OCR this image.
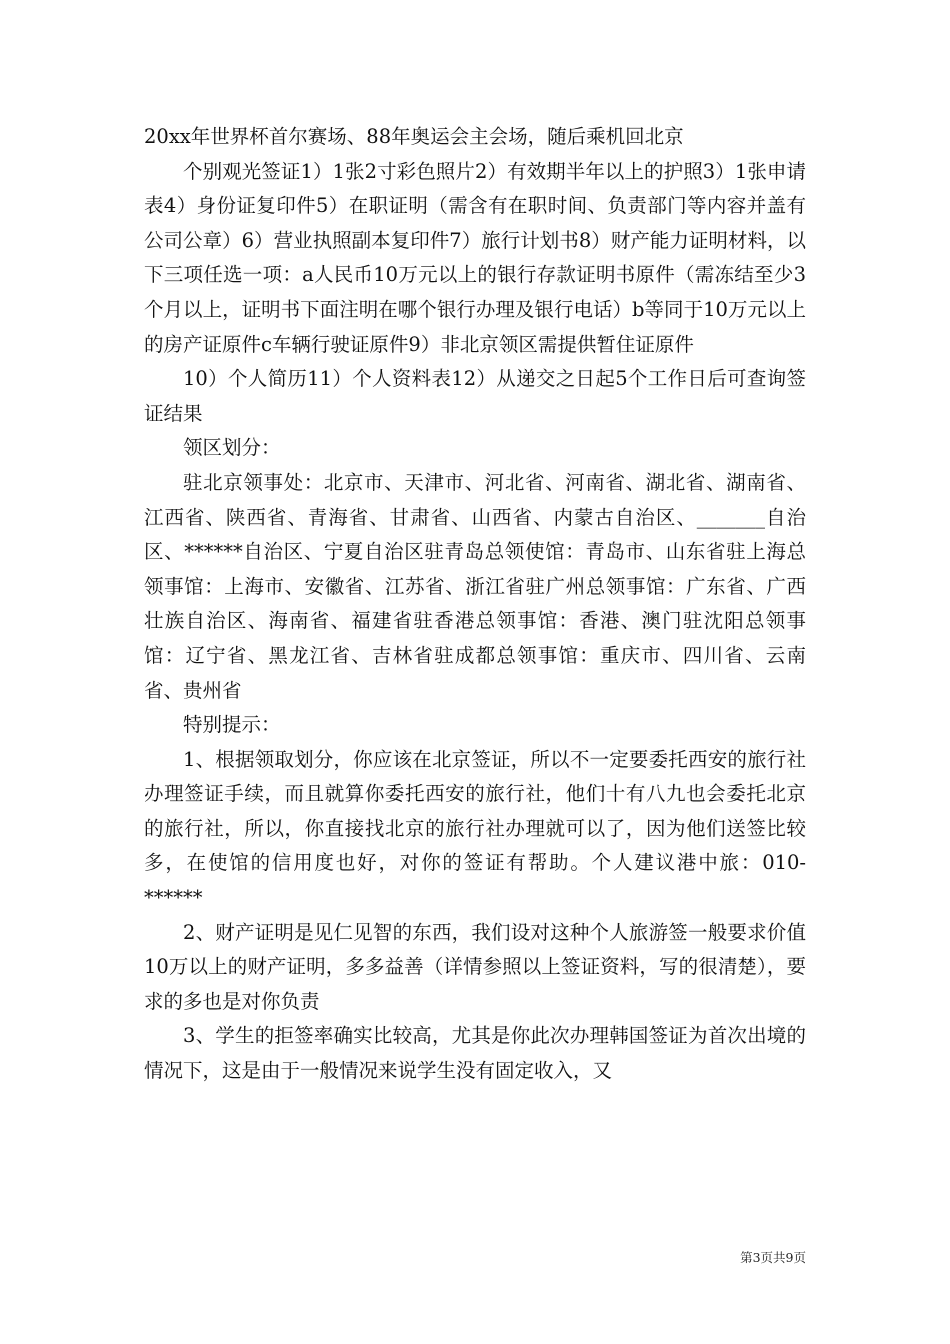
20xx年世界杯首尔赛场、88年奥运会主会场，随后乘机回北京

个别观光签证1）1张2寸彩色照片2）有效期半年以上的护照3）1张申请表4）身份证复印件5）在职证明（需含有在职时间、负责部门等内容并盖有公司公章）6）营业执照副本复印件7）旅行计划书8）财产能力证明材料，以下三项任选一项：a人民币10万元以上的银行存款证明书原件（需冻结至少3个月以上，证明书下面注明在哪个银行办理及银行电话）b等同于10万元以上的房产证原件c车辆行驶证原件9）非北京领区需提供暂住证原件

10）个人简历11）个人资料表12）从递交之日起5个工作日后可查询签证结果

领区划分：

驻北京领事处：北京市、天津市、河北省、河南省、湖北省、湖南省、江西省、陕西省、青海省、甘肃省、山西省、内蒙古自治区、_______自治区、******自治区、宁夏自治区驻青岛总领使馆：青岛市、山东省驻上海总领事馆：上海市、安徽省、江苏省、浙江省驻广州总领事馆：广东省、广西壮族自治区、海南省、福建省驻香港总领事馆：香港、澳门驻沈阳总领事馆：辽宁省、黑龙江省、吉林省驻成都总领事馆：重庆市、四川省、云南省、贵州省

特别提示：

1、根据领取划分，你应该在北京签证，所以不一定要委托西安的旅行社办理签证手续，而且就算你委托西安的旅行社，他们十有八九也会委托北京的旅行社，所以，你直接找北京的旅行社办理就可以了，因为他们送签比较多，在使馆的信用度也好，对你的签证有帮助。个人建议港中旅：010-******

2、财产证明是见仁见智的东西，我们设对这种个人旅游签一般要求价值10万以上的财产证明，多多益善（详情参照以上签证资料，写的很清楚），要求的多也是对你负责

3、学生的拒签率确实比较高，尤其是你此次办理韩国签证为首次出境的情况下，这是由于一般情况来说学生没有固定收入，又

第3页共9页
